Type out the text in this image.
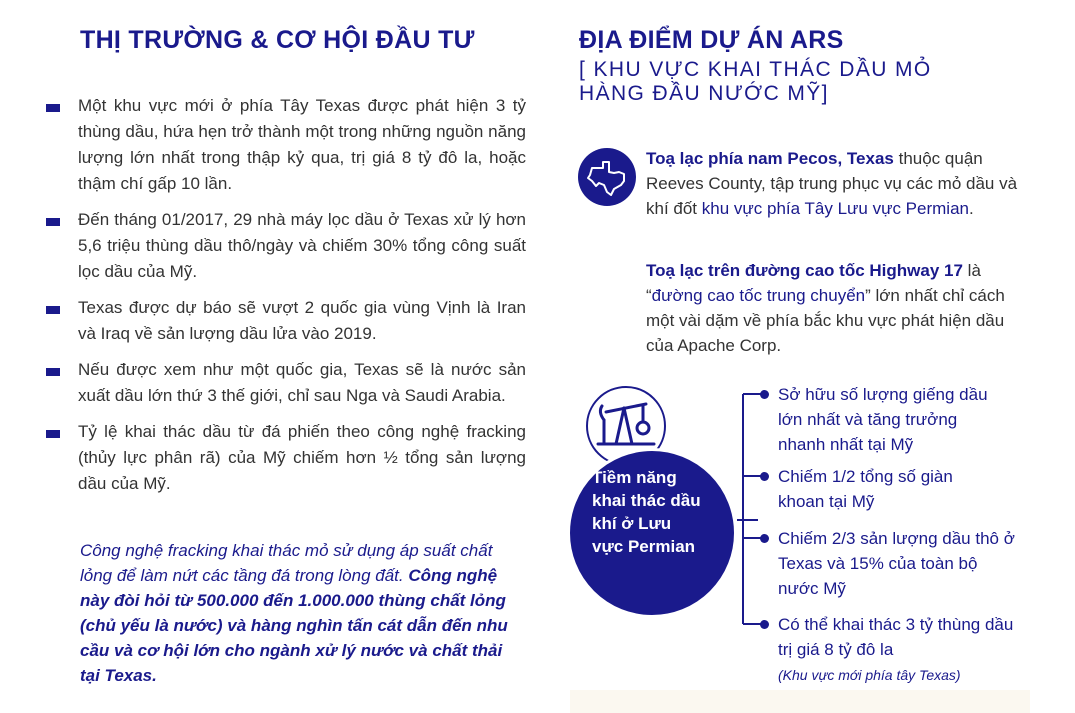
THỊ TRƯỜNG & CƠ HỘI ĐẦU TƯ
Một khu vực mới ở phía Tây Texas được phát hiện 3 tỷ thùng dầu, hứa hẹn trở thành một trong những nguồn năng lượng lớn nhất trong thập kỷ qua, trị giá 8 tỷ đô la, hoặc thậm chí gấp 10 lần.
Đến tháng 01/2017, 29 nhà máy lọc dầu ở Texas xử lý hơn 5,6 triệu thùng dầu thô/ngày và chiếm 30% tổng công suất lọc dầu của Mỹ.
Texas được dự báo sẽ vượt 2 quốc gia vùng Vịnh là Iran và Iraq về sản lượng dầu lửa vào 2019.
Nếu được xem như một quốc gia, Texas sẽ là nước sản xuất dầu lớn thứ 3 thế giới, chỉ sau Nga và Saudi Arabia.
Tỷ lệ khai thác dầu từ đá phiến theo công nghệ fracking (thủy lực phân rã) của Mỹ chiếm hơn ½ tổng sản lượng dầu của Mỹ.

Công nghệ fracking khai thác mỏ sử dụng áp suất chất lỏng để làm nứt các tầng đá trong lòng đất. Công nghệ này đòi hỏi từ 500.000 đến 1.000.000 thùng chất lỏng (chủ yếu là nước) và hàng nghìn tấn cát dẫn đến nhu cầu và cơ hội lớn cho ngành xử lý nước và chất thải tại Texas.

ĐỊA ĐIỂM DỰ ÁN ARS

[ KHU VỰC KHAI THÁC DẦU MỎ

HÀNG ĐẦU NƯỚC MỸ]

Toạ lạc phía nam Pecos, Texas thuộc quận Reeves County, tập trung phục vụ các mỏ dầu và khí đốt khu vực phía Tây Lưu vực Permian.

Toạ lạc trên đường cao tốc Highway 17 là “đường cao tốc trung chuyển” lớn nhất chỉ cách một vài dặm về phía bắc khu vực phát hiện dầu của Apache Corp.

Tiềm năng khai thác dầu khí ở Lưu vực Permian

Sở hữu số lượng giếng dầu lớn nhất và tăng trưởng nhanh nhất tại Mỹ

Chiếm 1/2 tổng số giàn khoan tại Mỹ

Chiếm 2/3 sản lượng dầu thô ở Texas và 15% của toàn bộ nước Mỹ

Có thể khai thác 3 tỷ thùng dầu trị giá 8 tỷ đô la
(Khu vực mới phía tây Texas)
